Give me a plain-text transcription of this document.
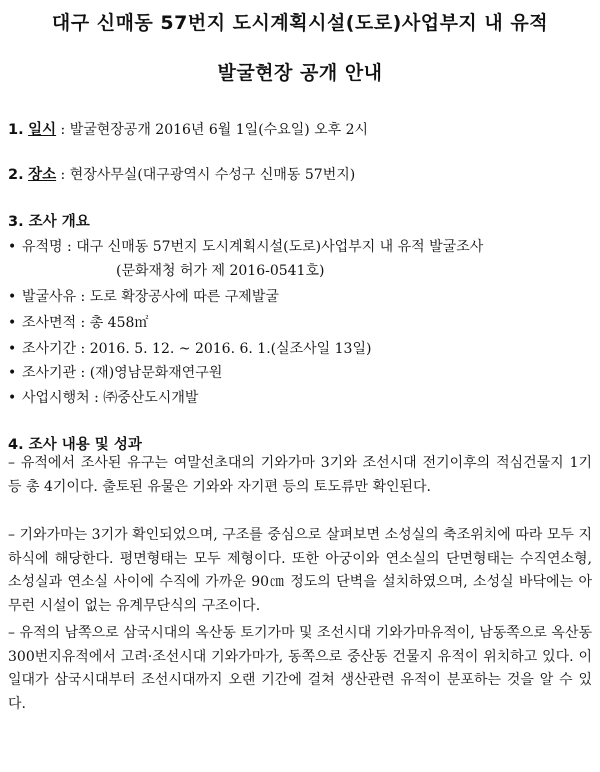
대구 신매동 57번지 도시계획시설(도로)사업부지 내 유적
발굴현장 공개 안내
1. 일시 : 발굴현장공개 2016년 6월 1일(수요일) 오후 2시
2. 장소 : 현장사무실(대구광역시 수성구 신매동 57번지)
3. 조사 개요
• 유적명 : 대구 신매동 57번지 도시계획시설(도로)사업부지 내 유적 발굴조사
(문화재청 허가 제 2016-0541호)
• 발굴사유 : 도로 확장공사에 따른 구제발굴
• 조사면적 : 총 458㎡
• 조사기간 : 2016. 5. 12. ~ 2016. 6. 1.(실조사일 13일)
• 조사기관 : (재)영남문화재연구원
• 사업시행처 : ㈜중산도시개발
4. 조사 내용 및 성과
– 유적에서 조사된 유구는 여말선초대의 기와가마 3기와 조선시대 전기이후의 적심건물지 1기 등 총 4기이다. 출토된 유물은 기와와 자기편 등의 토도류만 확인된다.
– 기와가마는 3기가 확인되었으며, 구조를 중심으로 살펴보면 소성실의 축조위치에 따라 모두 지하식에 해당한다. 평면형태는 모두 제형이다. 또한 아궁이와 연소실의 단면형태는 수직연소형, 소성실과 연소실 사이에 수직에 가까운 90㎝ 정도의 단벽을 설치하였으며, 소성실 바닥에는 아무런 시설이 없는 유계무단식의 구조이다.
– 유적의 남쪽으로 삼국시대의 옥산동 토기가마 및 조선시대 기와가마유적이, 남동쪽으로 옥산동 300번지유적에서 고려·조선시대 기와가마가, 동쪽으로 중산동 건물지 유적이 위치하고 있다. 이 일대가 삼국시대부터 조선시대까지 오랜 기간에 걸쳐 생산관련 유적이 분포하는 것을 알 수 있다.
